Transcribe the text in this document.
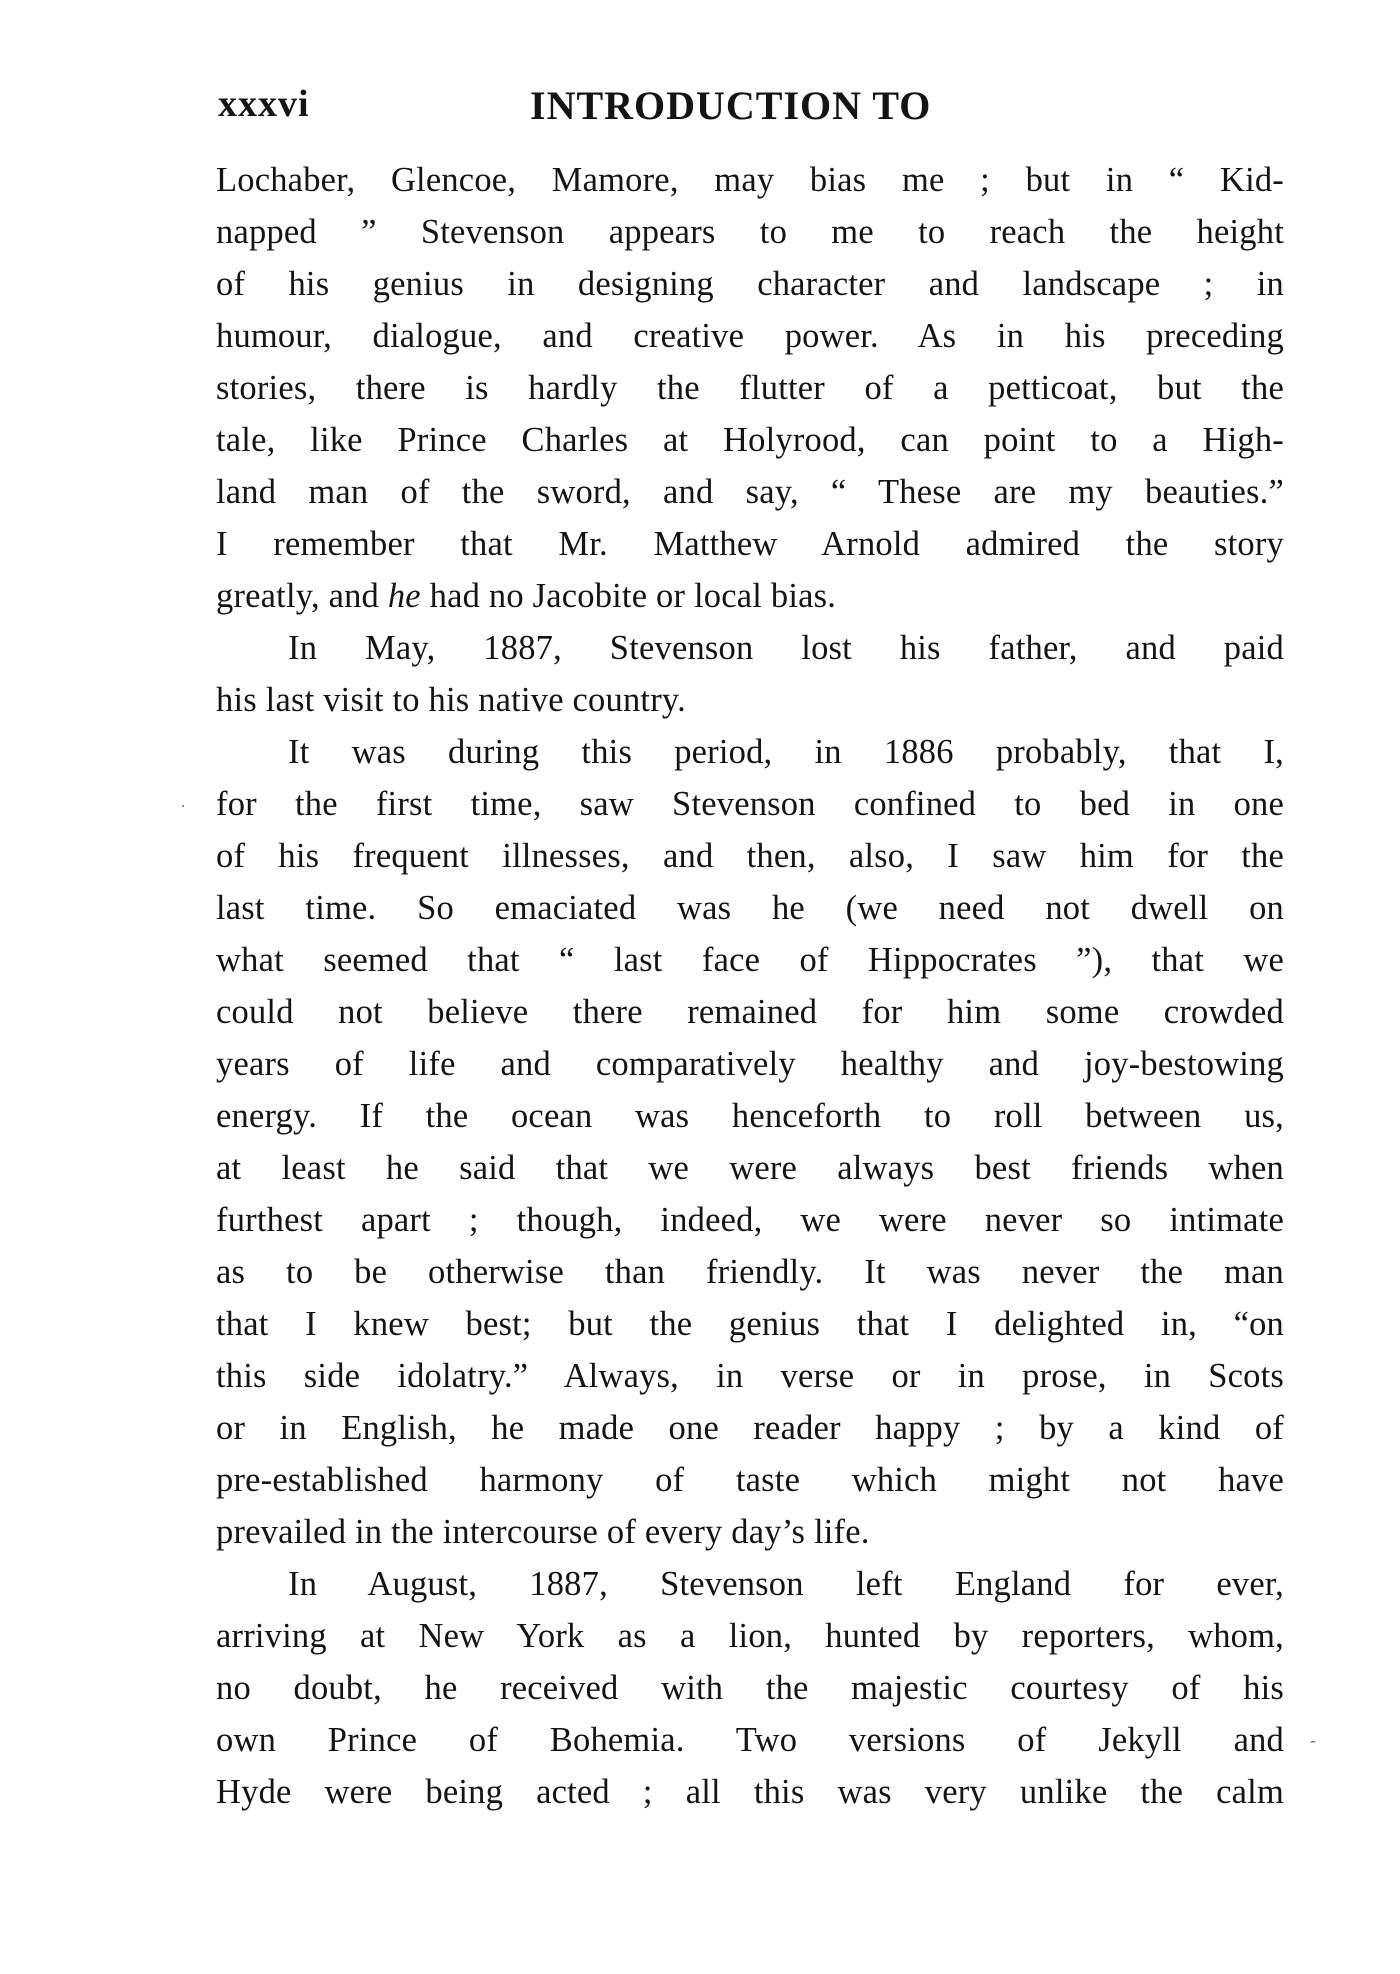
xxxvi	INTRODUCTION TO
Lochaber, Glencoe, Mamore, may bias me ; but in “ Kid-
napped ” Stevenson appears to me to reach the height
of his genius in designing character and landscape ; in
humour, dialogue, and creative power. As in his preceding
stories, there is hardly the flutter of a petticoat, but the
tale, like Prince Charles at Holyrood, can point to a High-
land man of the sword, and say, “ These are my beauties.”
I remember that Mr. Matthew Arnold admired the story
greatly, and he had no Jacobite or local bias.
In May, 1887, Stevenson lost his father, and paid
his last visit to his native country.
It was during this period, in 1886 probably, that I,
for the first time, saw Stevenson confined to bed in one
of his frequent illnesses, and then, also, I saw him for the
last time. So emaciated was he (we need not dwell on
what seemed that “ last face of Hippocrates ”), that we
could not believe there remained for him some crowded
years of life and comparatively healthy and joy-bestowing
energy. If the ocean was henceforth to roll between us,
at least he said that we were always best friends when
furthest apart ; though, indeed, we were never so intimate
as to be otherwise than friendly. It was never the man
that I knew best; but the genius that I delighted in, “on
this side idolatry.” Always, in verse or in prose, in Scots
or in English, he made one reader happy ; by a kind of
pre-established harmony of taste which might not have
prevailed in the intercourse of every day’s life.
In August, 1887, Stevenson left England for ever,
arriving at New York as a lion, hunted by reporters, whom,
no doubt, he received with the majestic courtesy of his
own Prince of Bohemia. Two versions of Jekyll and
Hyde were being acted ; all this was very unlike the calm
·
-
